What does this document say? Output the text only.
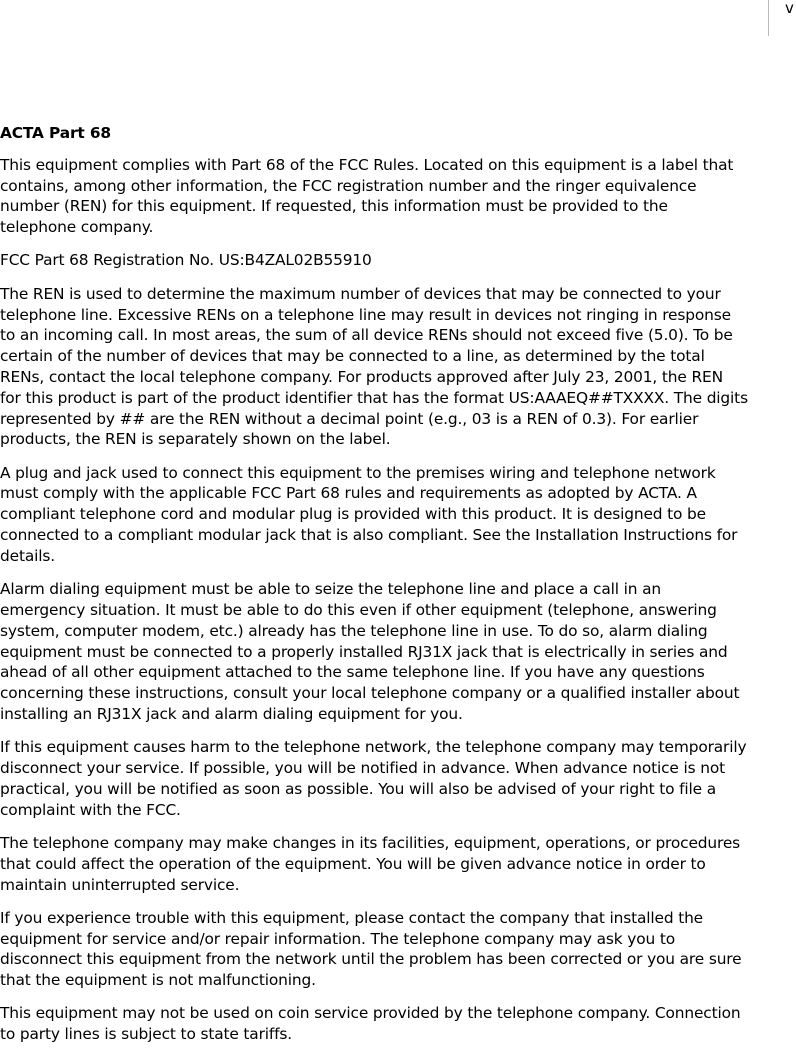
v
ACTA Part 68

This equipment complies with Part 68 of the FCC Rules. Located on this equipment is a label that contains, among other information, the FCC registration number and the ringer equivalence number (REN) for this equipment. If requested, this information must be provided to the telephone company.

FCC Part 68 Registration No. US:B4ZAL02B55910

The REN is used to determine the maximum number of devices that may be connected to your telephone line. Excessive RENs on a telephone line may result in devices not ringing in response to an incoming call. In most areas, the sum of all device RENs should not exceed five (5.0). To be certain of the number of devices that may be connected to a line, as determined by the total RENs, contact the local telephone company. For products approved after July 23, 2001, the REN for this product is part of the product identifier that has the format US:AAAEQ##TXXXX. The digits represented by ## are the REN without a decimal point (e.g., 03 is a REN of 0.3). For earlier products, the REN is separately shown on the label.

A plug and jack used to connect this equipment to the premises wiring and telephone network must comply with the applicable FCC Part 68 rules and requirements as adopted by ACTA. A compliant telephone cord and modular plug is provided with this product. It is designed to be connected to a compliant modular jack that is also compliant. See the Installation Instructions for details.

Alarm dialing equipment must be able to seize the telephone line and place a call in an emergency situation. It must be able to do this even if other equipment (telephone, answering system, computer modem, etc.) already has the telephone line in use. To do so, alarm dialing equipment must be connected to a properly installed RJ31X jack that is electrically in series and ahead of all other equipment attached to the same telephone line. If you have any questions concerning these instructions, consult your local telephone company or a qualified installer about installing an RJ31X jack and alarm dialing equipment for you.

If this equipment causes harm to the telephone network, the telephone company may temporarily disconnect your service. If possible, you will be notified in advance. When advance notice is not practical, you will be notified as soon as possible. You will also be advised of your right to file a complaint with the FCC.

The telephone company may make changes in its facilities, equipment, operations, or procedures that could affect the operation of the equipment. You will be given advance notice in order to maintain uninterrupted service.

If you experience trouble with this equipment, please contact the company that installed the equipment for service and/or repair information. The telephone company may ask you to disconnect this equipment from the network until the problem has been corrected or you are sure that the equipment is not malfunctioning.

This equipment may not be used on coin service provided by the telephone company. Connection to party lines is subject to state tariffs.
